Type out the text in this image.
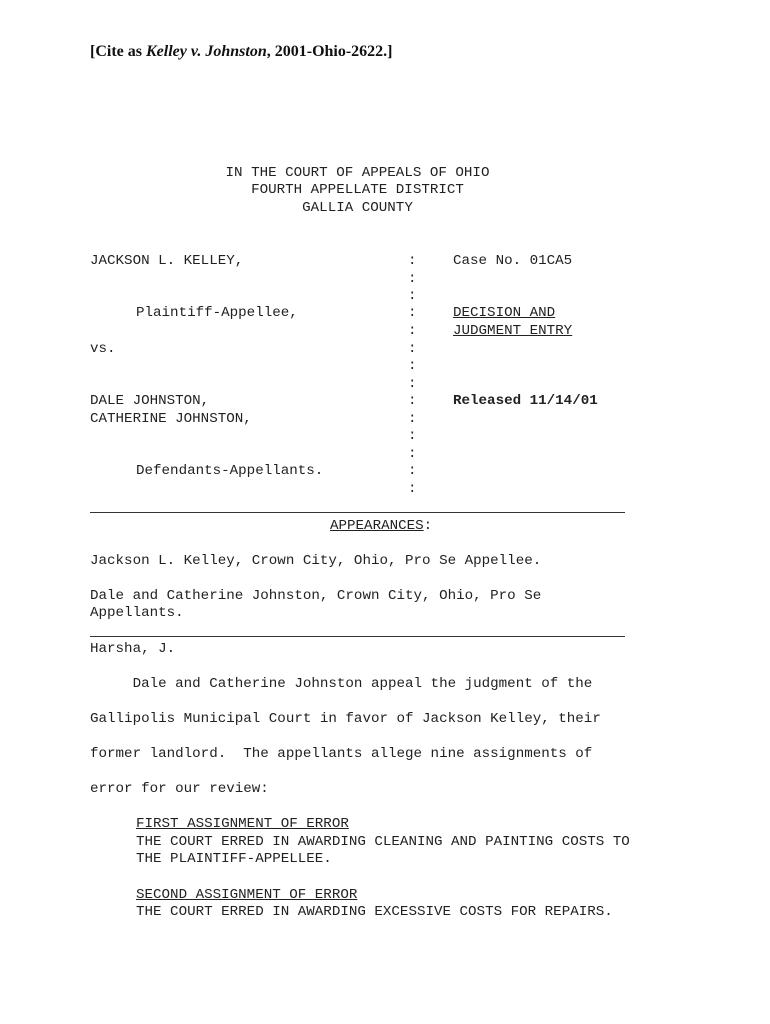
[Cite as Kelley v. Johnston, 2001-Ohio-2622.]
IN THE COURT OF APPEALS OF OHIO
FOURTH APPELLATE DISTRICT
GALLIA COUNTY
JACKSON L. KELLEY,
Plaintiff-Appellee,
vs.
DALE JOHNSTON,
CATHERINE JOHNSTON,
Defendants-Appellants.
:
:
:
:
:
:
:
:
:
:
:
:
:
:
Case No. 01CA5
DECISION AND
JUDGMENT ENTRY
Released 11/14/01
APPEARANCES:
Jackson L. Kelley, Crown City, Ohio, Pro Se Appellee.
Dale and Catherine Johnston, Crown City, Ohio, Pro Se
Appellants.
Harsha, J.
Dale and Catherine Johnston appeal the judgment of the
Gallipolis Municipal Court in favor of Jackson Kelley, their
former landlord.  The appellants allege nine assignments of
error for our review:
FIRST ASSIGNMENT OF ERROR
THE COURT ERRED IN AWARDING CLEANING AND PAINTING COSTS TO
THE PLAINTIFF-APPELLEE.
SECOND ASSIGNMENT OF ERROR
THE COURT ERRED IN AWARDING EXCESSIVE COSTS FOR REPAIRS.
